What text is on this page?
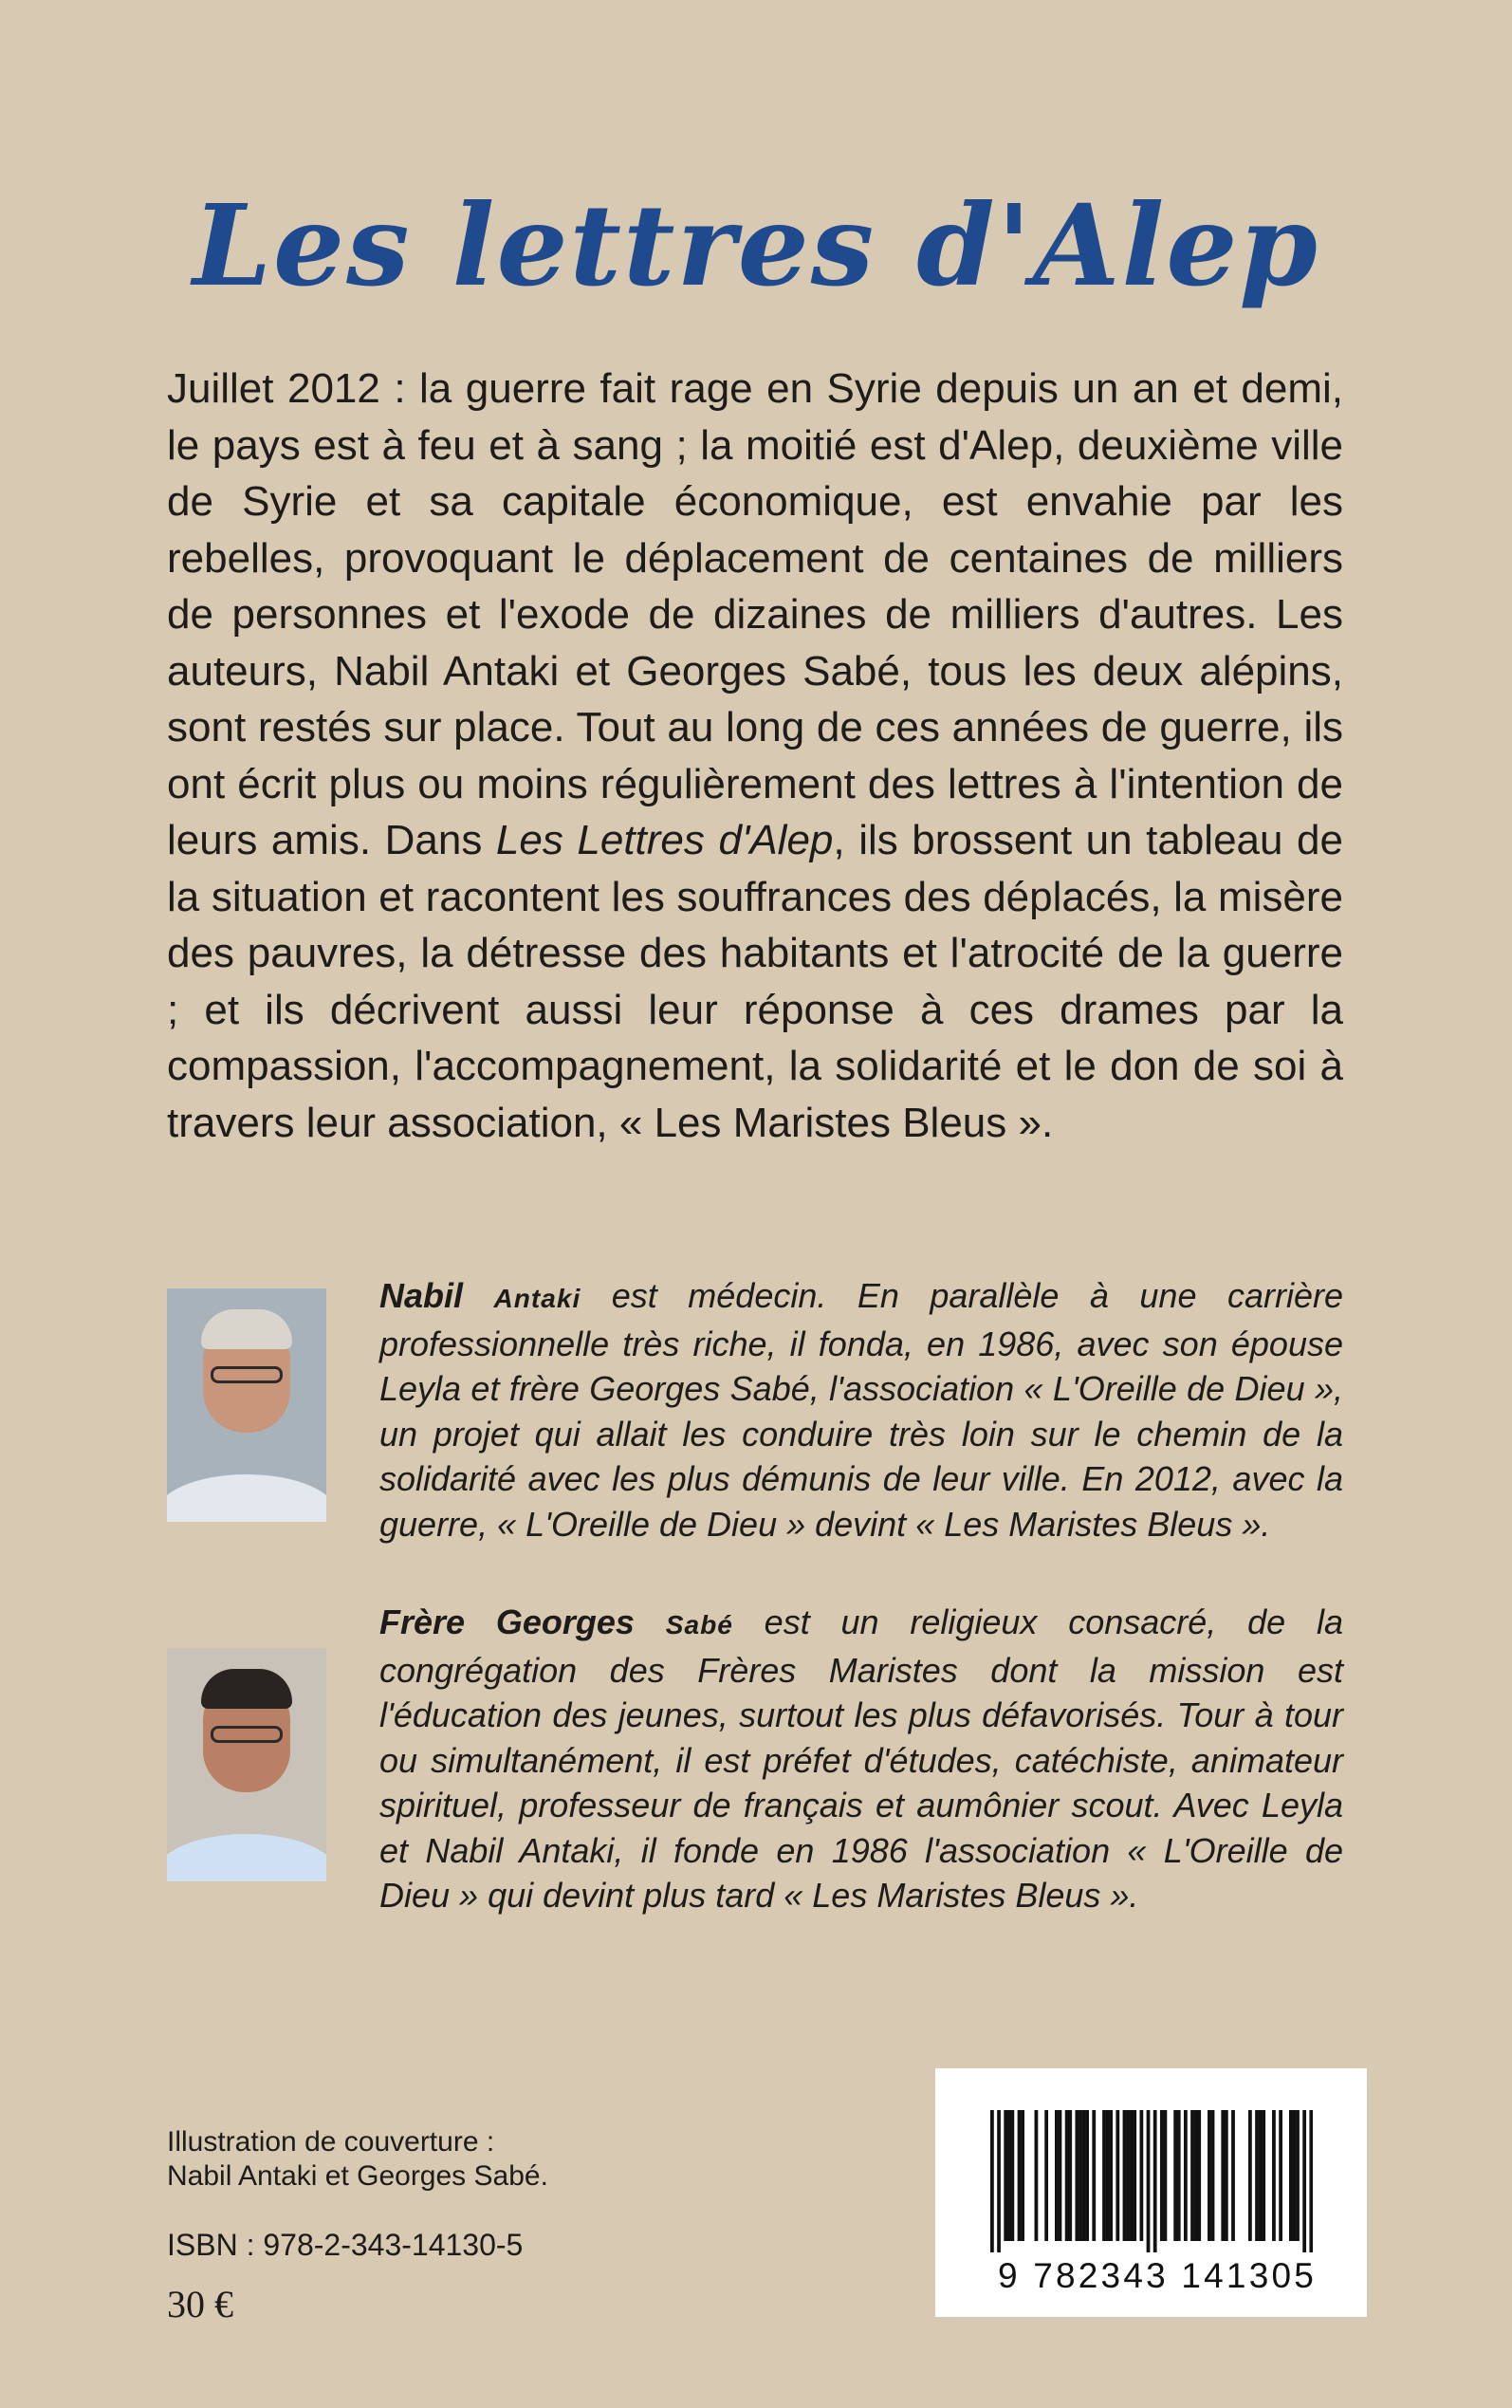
Les lettres d'Alep

Juillet 2012 : la guerre fait rage en Syrie depuis un an et demi, le pays est à feu et à sang ; la moitié est d'Alep, deuxième ville de Syrie et sa capitale économique, est envahie par les rebelles, provoquant le déplacement de centaines de milliers de personnes et l'exode de dizaines de milliers d'autres. Les auteurs, Nabil Antaki et Georges Sabé, tous les deux alépins, sont restés sur place. Tout au long de ces années de guerre, ils ont écrit plus ou moins régulièrement des lettres à l'intention de leurs amis. Dans Les Lettres d'Alep, ils brossent un tableau de la situation et racontent les souffrances des déplacés, la misère des pauvres, la détresse des habitants et l'atrocité de la guerre ; et ils décrivent aussi leur réponse à ces drames par la compassion, l'accompagnement, la solidarité et le don de soi à travers leur association, « Les Maristes Bleus ».

Nabil Antaki est médecin. En parallèle à une carrière professionnelle très riche, il fonda, en 1986, avec son épouse Leyla et frère Georges Sabé, l'association « L'Oreille de Dieu », un projet qui allait les conduire très loin sur le chemin de la solidarité avec les plus démunis de leur ville. En 2012, avec la guerre, « L'Oreille de Dieu » devint « Les Maristes Bleus ».

Frère Georges Sabé est un religieux consacré, de la congrégation des Frères Maristes dont la mission est l'éducation des jeunes, surtout les plus défavorisés. Tour à tour ou simultanément, il est préfet d'études, catéchiste, animateur spirituel, professeur de français et aumônier scout. Avec Leyla et Nabil Antaki, il fonde en 1986 l'association « L'Oreille de Dieu » qui devint plus tard « Les Maristes Bleus ».

Illustration de couverture :
Nabil Antaki et Georges Sabé.

ISBN : 978-2-343-14130-5
30 €
9 782343 141305
